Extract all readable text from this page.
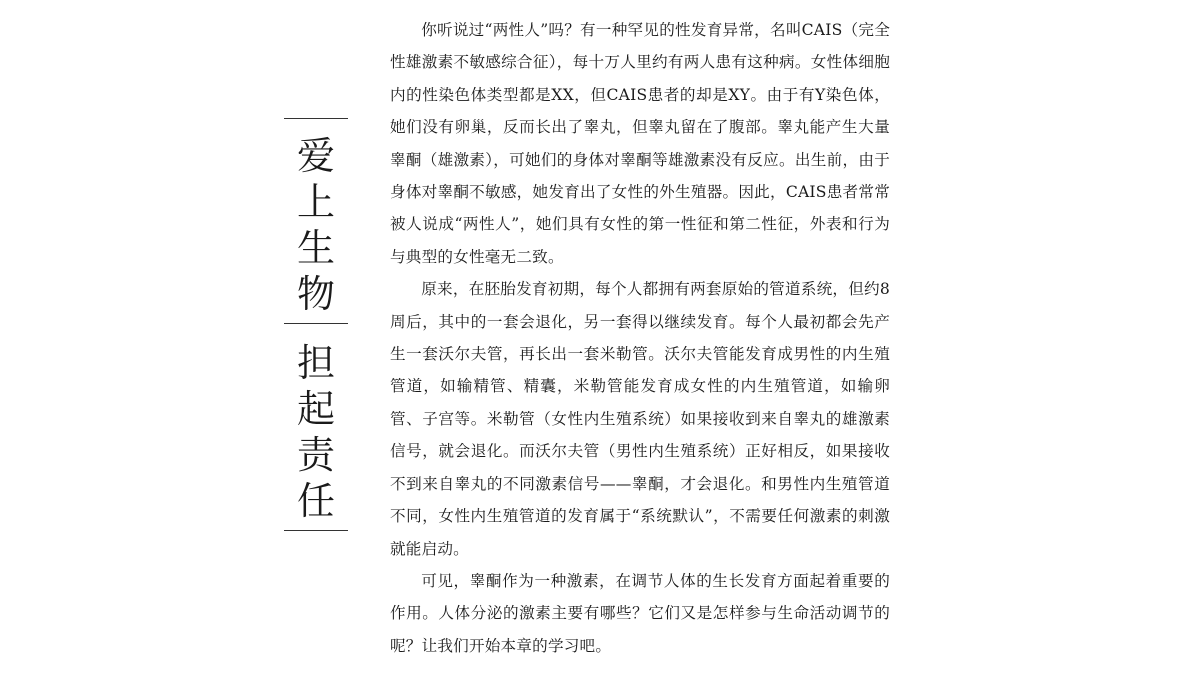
爱
上
生
物
担
起
责
任

你听说过“两性人”吗？有一种罕见的性发育异常，名叫CAIS（完全性雄激素不敏感综合征），每十万人里约有两人患有这种病。女性体细胞内的性染色体类型都是XX，但CAIS患者的却是XY。由于有Y染色体，她们没有卵巢，反而长出了睾丸，但睾丸留在了腹部。睾丸能产生大量睾酮（雄激素），可她们的身体对睾酮等雄激素没有反应。出生前，由于身体对睾酮不敏感，她发育出了女性的外生殖器。因此，CAIS患者常常被人说成“两性人”，她们具有女性的第一性征和第二性征，外表和行为与典型的女性毫无二致。

原来，在胚胎发育初期，每个人都拥有两套原始的管道系统，但约8 周后，其中的一套会退化，另一套得以继续发育。每个人最初都会先产生一套沃尔夫管，再长出一套米勒管。沃尔夫管能发育成男性的内生殖管道，如输精管、精囊，米勒管能发育成女性的内生殖管道，如输卵管、子宫等。米勒管（女性内生殖系统）如果接收到来自睾丸的雄激素信号，就会退化。而沃尔夫管（男性内生殖系统）正好相反，如果接收不到来自睾丸的不同激素信号——睾酮，才会退化。和男性内生殖管道不同，女性内生殖管道的发育属于“系统默认”，不需要任何激素的刺激就能启动。

可见，睾酮作为一种激素，在调节人体的生长发育方面起着重要的作用。人体分泌的激素主要有哪些？它们又是怎样参与生命活动调节的呢？让我们开始本章的学习吧。
